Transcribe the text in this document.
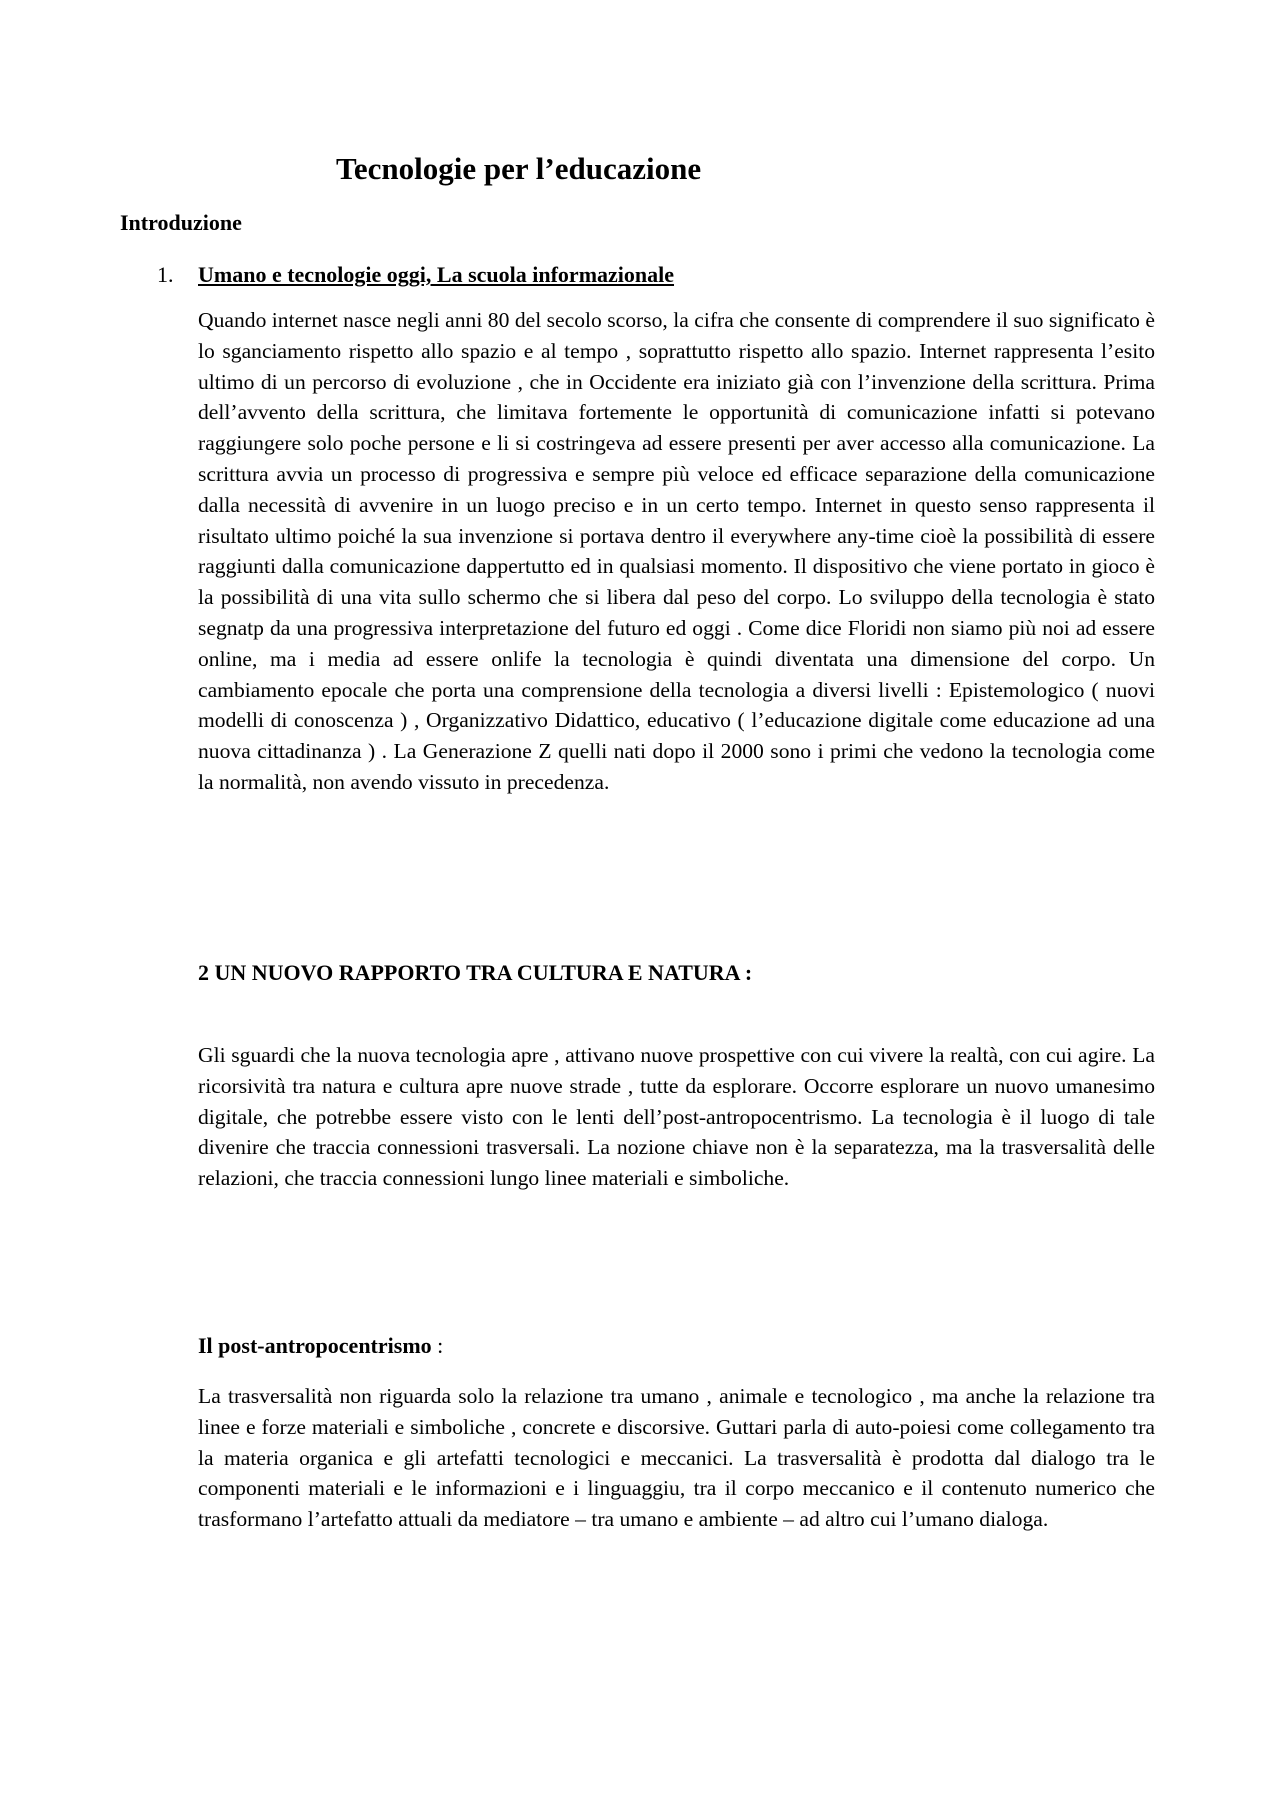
Tecnologie per l’educazione
Introduzione
1. Umano e tecnologie oggi, La scuola informazionale

Quando internet nasce negli anni 80 del secolo scorso, la cifra che consente di comprendere il suo significato è lo sganciamento rispetto allo spazio e al tempo , soprattutto rispetto allo spazio. Internet rappresenta l’esito ultimo di un percorso di evoluzione , che in Occidente era iniziato già con l’invenzione della scrittura. Prima dell’avvento della scrittura, che limitava fortemente le opportunità di comunicazione infatti si potevano raggiungere solo poche persone e li si costringeva ad essere presenti per aver accesso alla comunicazione. La scrittura avvia un processo di progressiva e sempre più veloce ed efficace separazione della comunicazione dalla necessità di avvenire in un luogo preciso e in un certo tempo. Internet in questo senso rappresenta il risultato ultimo poiché la sua invenzione si portava dentro il everywhere any-time cioè la possibilità di essere raggiunti dalla comunicazione dappertutto ed in qualsiasi momento. Il dispositivo che viene portato in gioco è la possibilità di una vita sullo schermo che si libera dal peso del corpo. Lo sviluppo della tecnologia è stato segnatp da una progressiva interpretazione del futuro ed oggi . Come dice Floridi non siamo più noi ad essere online, ma i media ad essere onlife la tecnologia è quindi diventata una dimensione del corpo. Un cambiamento epocale che porta una comprensione della tecnologia a diversi livelli : Epistemologico ( nuovi modelli di conoscenza ) , Organizzativo Didattico, educativo ( l’educazione digitale come educazione ad una nuova cittadinanza ) . La Generazione Z quelli nati dopo il 2000 sono i primi che vedono la tecnologia come la normalità, non avendo vissuto in precedenza.

2 UN NUOVO RAPPORTO TRA CULTURA E NATURA :

Gli sguardi che la nuova tecnologia apre , attivano nuove prospettive con cui vivere la realtà, con cui agire. La ricorsività tra natura e cultura apre nuove strade , tutte da esplorare. Occorre esplorare un nuovo umanesimo digitale, che potrebbe essere visto con le lenti dell’post-antropocentrismo. La tecnologia è il luogo di tale divenire che traccia connessioni trasversali. La nozione chiave non è la separatezza, ma la trasversalità delle relazioni, che traccia connessioni lungo linee materiali e simboliche.

Il post-antropocentrismo :

La trasversalità non riguarda solo la relazione tra umano , animale e tecnologico , ma anche la relazione tra linee e forze materiali e simboliche , concrete e discorsive. Guttari parla di auto-poiesi come collegamento tra la materia organica e gli artefatti tecnologici e meccanici. La trasversalità è prodotta dal dialogo tra le componenti materiali e le informazioni e i linguaggiu, tra il corpo meccanico e il contenuto numerico che trasformano l’artefatto attuali da mediatore – tra umano e ambiente – ad altro cui l’umano dialoga.
